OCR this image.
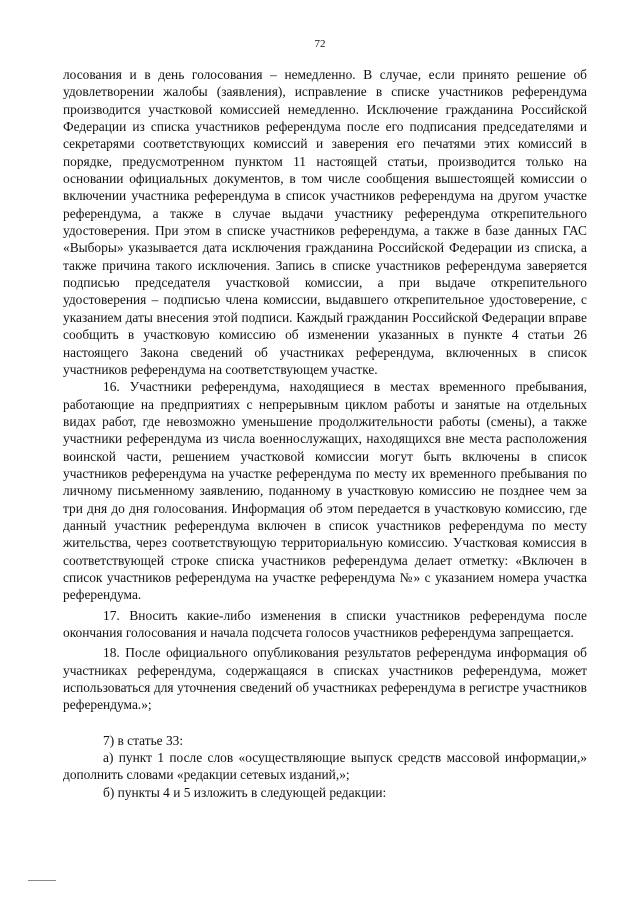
72

лосования и в день голосования – немедленно. В случае, если принято решение об удовлетворении жалобы (заявления), исправление в списке участников референдума производится участковой комиссией немедленно. Исключение гражданина Российской Федерации из списка участников референдума после его подписания председателями и секретарями соответствующих комиссий и заверения его печатями этих комиссий в порядке, предусмотренном пунктом 11 настоящей статьи, производится только на основании официальных документов, в том числе сообщения вышестоящей комиссии о включении участника референдума в список участников референдума на другом участке референдума, а также в случае выдачи участнику референдума открепительного удостоверения. При этом в списке участников референдума, а также в базе данных ГАС «Выборы» указывается дата исключения гражданина Российской Федерации из списка, а также причина такого исключения. Запись в списке участников референдума заверяется подписью председателя участковой комиссии, а при выдаче открепительного удостоверения – подписью члена комиссии, выдавшего открепительное удостоверение, с указанием даты внесения этой подписи. Каждый гражданин Российской Федерации вправе сообщить в участковую комиссию об изменении указанных в пункте 4 статьи 26 настоящего Закона сведений об участниках референдума, включенных в список участников референдума на соответствующем участке.

16. Участники референдума, находящиеся в местах временного пребывания, работающие на предприятиях с непрерывным циклом работы и занятые на отдельных видах работ, где невозможно уменьшение продолжительности работы (смены), а также участники референдума из числа военнослужащих, находящихся вне места расположения воинской части, решением участковой комиссии могут быть включены в список участников референдума на участке референдума по месту их временного пребывания по личному письменному заявлению, поданному в участковую комиссию не позднее чем за три дня до дня голосования. Информация об этом передается в участковую комиссию, где данный участник референдума включен в список участников референдума по месту жительства, через соответствующую территориальную комиссию. Участковая комиссия в соответствующей строке списка участников референдума делает отметку: «Включен в список участников референдума на участке референдума №» с указанием номера участка референдума.

17. Вносить какие-либо изменения в списки участников референдума после окончания голосования и начала подсчета голосов участников референдума запрещается.

18. После официального опубликования результатов референдума информация об участниках референдума, содержащаяся в списках участников референдума, может использоваться для уточнения сведений об участниках референдума в регистре участников референдума.»;

7) в статье 33:

а) пункт 1 после слов «осуществляющие выпуск средств массовой информации,» дополнить словами «редакции сетевых изданий,»;

б) пункты 4 и 5 изложить в следующей редакции:
